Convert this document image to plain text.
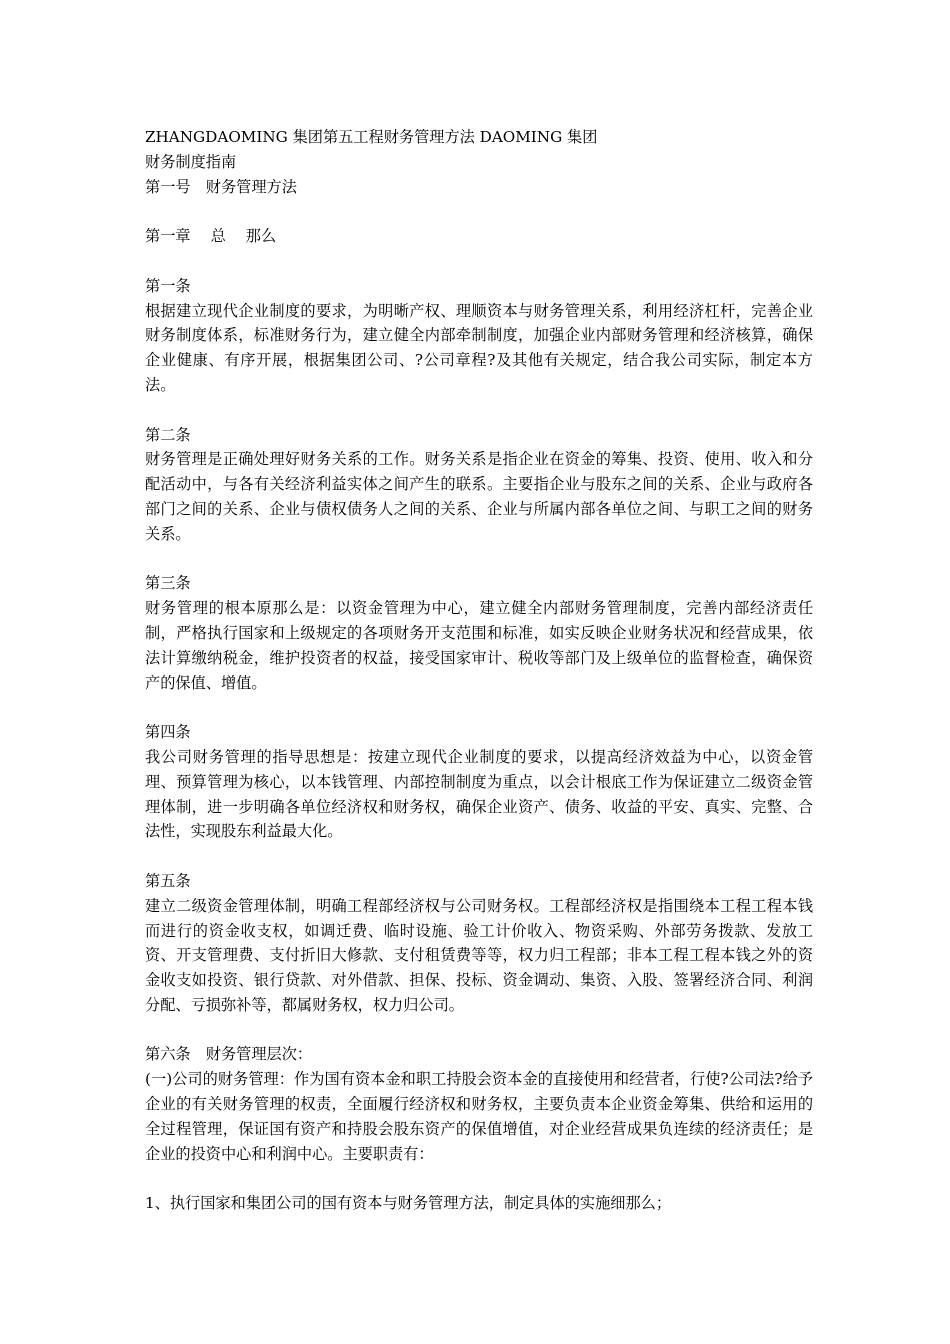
ZHANGDAOMING 集团第五工程财务管理方法 DAOMING 集团
财务制度指南
第一号　财务管理方法
第一章　 总　 那么
第一条
根据建立现代企业制度的要求，为明晰产权、理顺资本与财务管理关系，利用经济杠杆，完善企业财务制度体系，标准财务行为，建立健全内部牵制制度，加强企业内部财务管理和经济核算，确保企业健康、有序开展，根据集团公司、?公司章程?及其他有关规定，结合我公司实际，制定本方法。
第二条
财务管理是正确处理好财务关系的工作。财务关系是指企业在资金的筹集、投资、使用、收入和分配活动中，与各有关经济利益实体之间产生的联系。主要指企业与股东之间的关系、企业与政府各部门之间的关系、企业与债权债务人之间的关系、企业与所属内部各单位之间、与职工之间的财务关系。
第三条
财务管理的根本原那么是：以资金管理为中心，建立健全内部财务管理制度，完善内部经济责任制，严格执行国家和上级规定的各项财务开支范围和标准，如实反映企业财务状况和经营成果，依法计算缴纳税金，维护投资者的权益，接受国家审计、税收等部门及上级单位的监督检查，确保资产的保值、增值。
第四条
我公司财务管理的指导思想是：按建立现代企业制度的要求，以提高经济效益为中心，以资金管理、预算管理为核心，以本钱管理、内部控制制度为重点，以会计根底工作为保证建立二级资金管理体制，进一步明确各单位经济权和财务权，确保企业资产、债务、收益的平安、真实、完整、合法性，实现股东利益最大化。
第五条
建立二级资金管理体制，明确工程部经济权与公司财务权。工程部经济权是指围绕本工程工程本钱而进行的资金收支权，如调迁费、临时设施、验工计价收入、物资采购、外部劳务拨款、发放工资、开支管理费、支付折旧大修款、支付租赁费等等，权力归工程部；非本工程工程本钱之外的资金收支如投资、银行贷款、对外借款、担保、投标、资金调动、集资、入股、签署经济合同、利润分配、亏损弥补等，都属财务权，权力归公司。
第六条　财务管理层次：
(一)公司的财务管理：作为国有资本金和职工持股会资本金的直接使用和经营者，行使?公司法?给予企业的有关财务管理的权责，全面履行经济权和财务权，主要负责本企业资金筹集、供给和运用的全过程管理，保证国有资产和持股会股东资产的保值增值，对企业经营成果负连续的经济责任；是企业的投资中心和利润中心。主要职责有：
1、执行国家和集团公司的国有资本与财务管理方法，制定具体的实施细那么；
